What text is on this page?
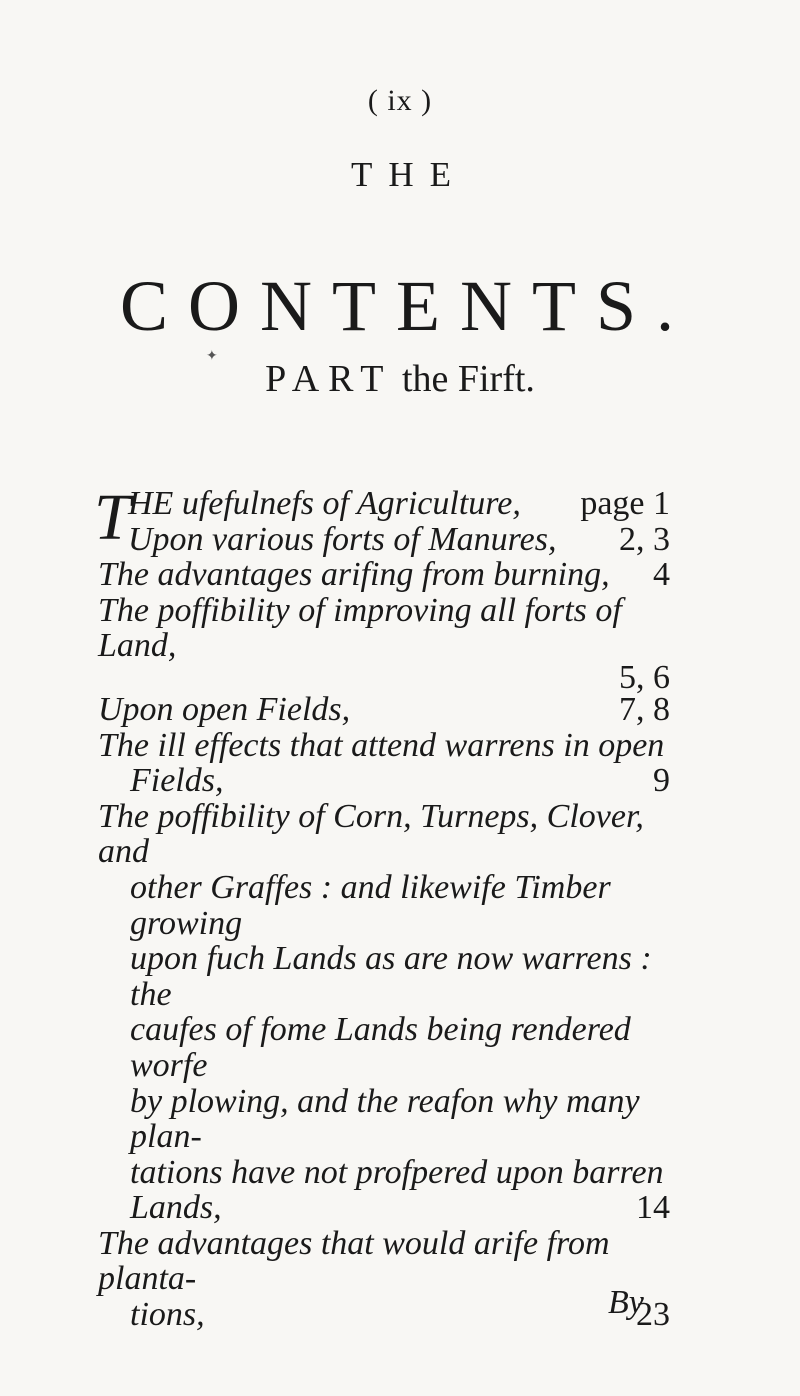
( ix )
THE
CONTENTS.
✦
PART the Firft.
T
HE ufefulnefs of Agriculture, page 1
Upon various forts of Manures, 2, 3
The advantages arifing from burning, 4
The poffibility of improving all forts of Land,
5, 6
Upon open Fields,	7, 8
The ill effects that attend warrens in open
Fields,	9
The poffibility of Corn, Turneps, Clover, and
other Graffes : and likewife Timber growing
upon fuch Lands as are now warrens : the
caufes of fome Lands being rendered worfe
by plowing, and the reafon why many plan-
tations have not profpered upon barren
Lands,	14
The advantages that would arife from planta-
tions,	23
By
